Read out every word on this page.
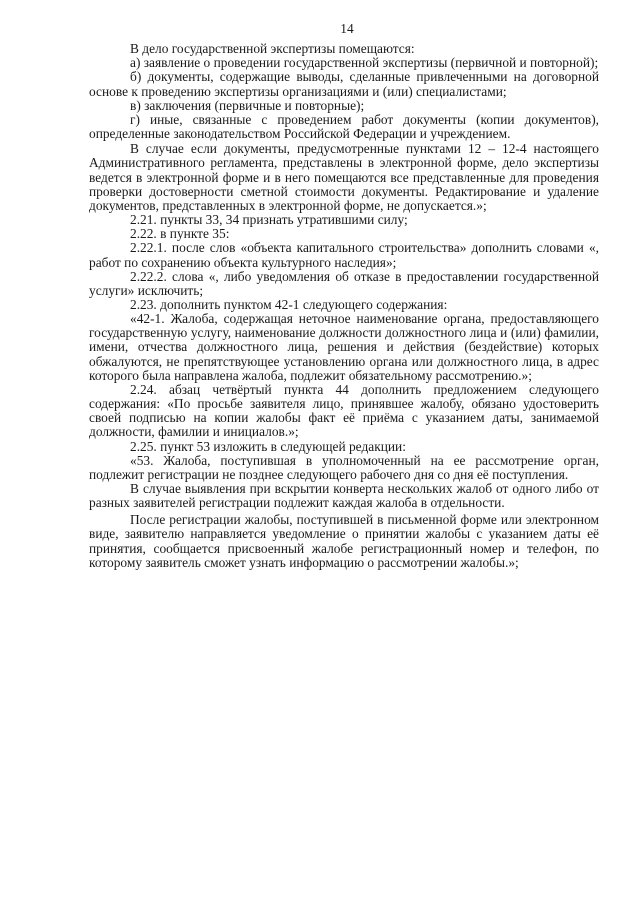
14

В дело государственной экспертизы помещаются:

а) заявление о проведении государственной экспертизы (первичной и повторной);

б) документы, содержащие выводы, сделанные привлеченными на договорной основе к проведению экспертизы организациями и (или) специалистами;

в) заключения (первичные и повторные);

г) иные, связанные с проведением работ документы (копии документов), определенные законодательством Российской Федерации и учреждением.

В случае если документы, предусмотренные пунктами 12 – 12-4 настоящего Административного регламента, представлены в электронной форме, дело экспертизы ведется в электронной форме и в него помещаются все представленные для проведения проверки достоверности сметной стоимости документы. Редактирование и удаление документов, представленных в электронной форме, не допускается.»;

2.21. пункты 33, 34 признать утратившими силу;

2.22. в пункте 35:

2.22.1. после слов «объекта капитального строительства» дополнить словами «, работ по сохранению объекта культурного наследия»;

2.22.2. слова «, либо уведомления об отказе в предоставлении государственной услуги» исключить;

2.23. дополнить пунктом 42-1 следующего содержания:

«42-1. Жалоба, содержащая неточное наименование органа, предоставляющего государственную услугу, наименование должности должностного лица и (или) фамилии, имени, отчества должностного лица, решения и действия (бездействие) которых обжалуются, не препятствующее установлению органа или должностного лица, в адрес которого была направлена жалоба, подлежит обязательному рассмотрению.»;

2.24. абзац четвёртый пункта 44 дополнить предложением следующего содержания: «По просьбе заявителя лицо, принявшее жалобу, обязано удостоверить своей подписью на копии жалобы факт её приёма с указанием даты, занимаемой должности, фамилии и инициалов.»;

2.25. пункт 53 изложить в следующей редакции:

«53. Жалоба, поступившая в уполномоченный на ее рассмотрение орган, подлежит регистрации не позднее следующего рабочего дня со дня её поступления.

В случае выявления при вскрытии конверта нескольких жалоб от одного либо от разных заявителей регистрации подлежит каждая жалоба в отдельности.

После регистрации жалобы, поступившей в письменной форме или электронном виде, заявителю направляется уведомление о принятии жалобы с указанием даты её принятия, сообщается присвоенный жалобе регистрационный номер и телефон, по которому заявитель сможет узнать информацию о рассмотрении жалобы.»;
